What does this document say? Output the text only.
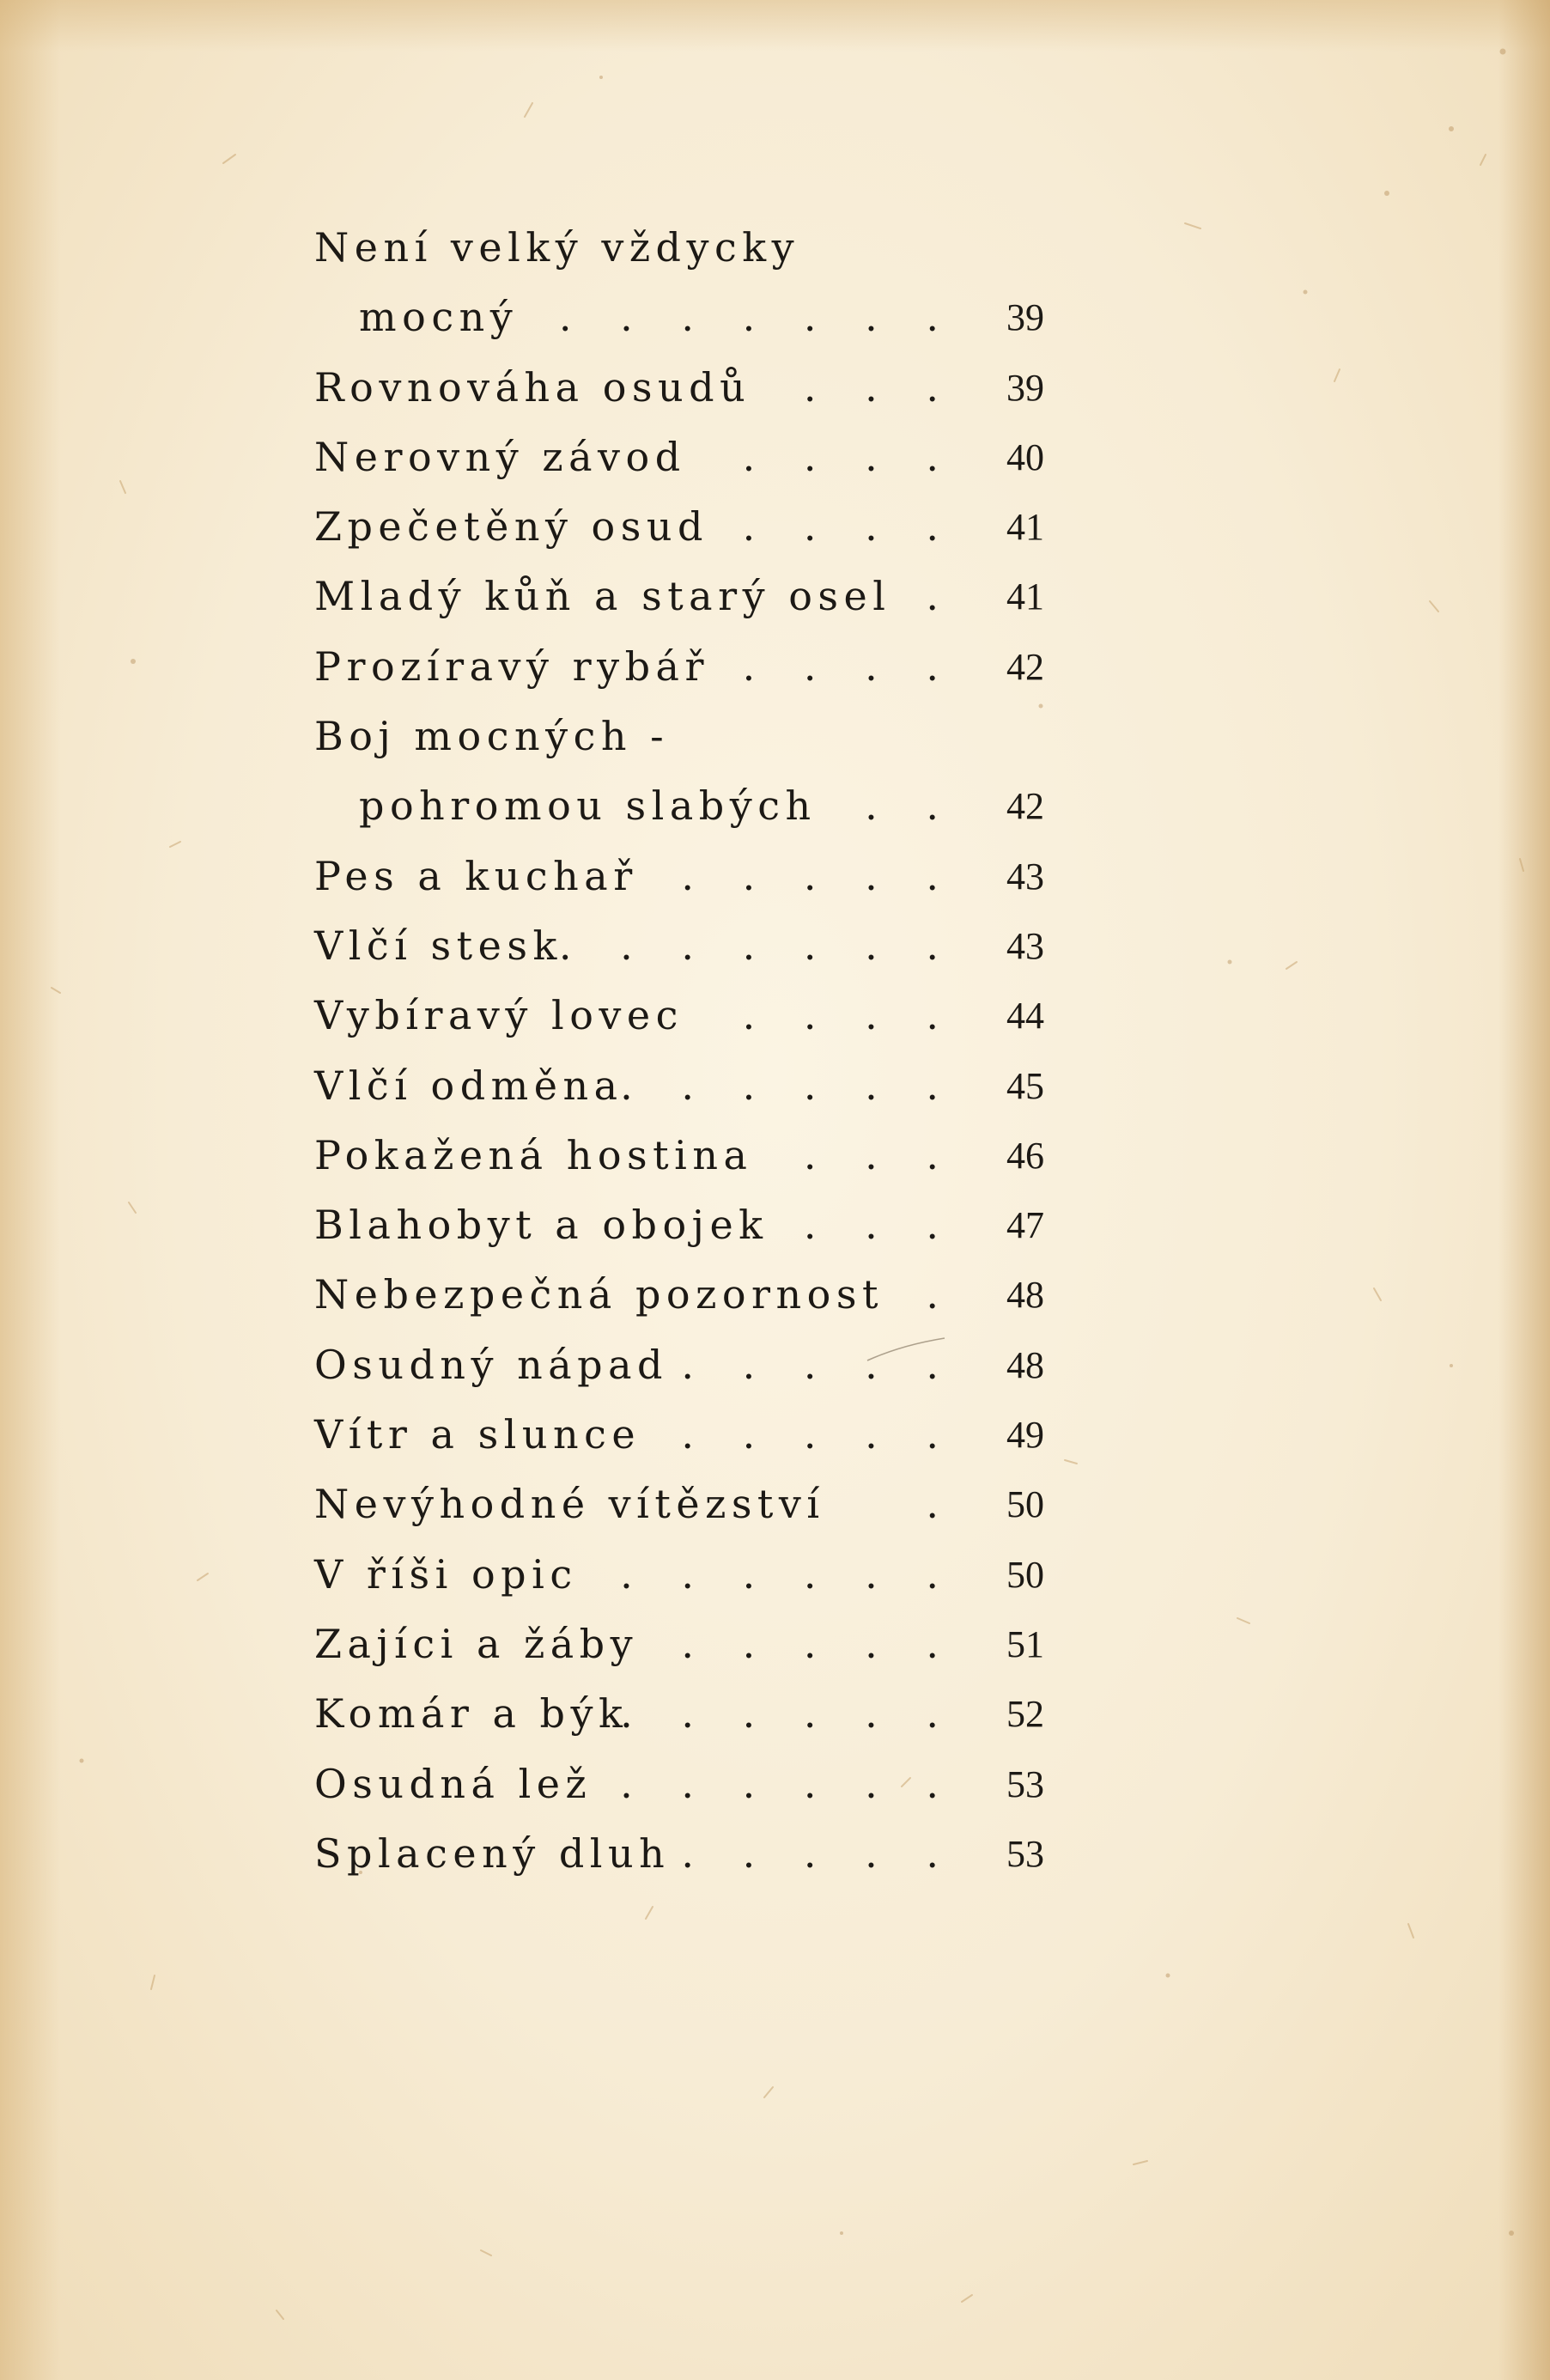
Není velký vždycky
mocný . . . . . . . 39
Rovnováha osudů . . . 39
Nerovný závod . . . . 40
Zpečetěný osud . . . . 41
Mladý kůň a starý osel . 41
Prozíravý rybář . . . . 42
Boj mocných -
pohromou slabých . . 42
Pes a kuchař . . . . . 43
Vlčí stesk
. . . . . . . 43
Vybíravý lovec . . . . 44
Vlčí odměna
. . . . . . 45
Pokažená hostina . . . 46
Blahobyt a obojek . . . 47
Nebezpečná pozornost . 48
Osudný nápad . . . . . 48
Vítr a slunce . . . . . 49
Nevýhodné vítězství	. 50
V říši opic . . . . . . 50
Zajíci a žáby . . . . . 51
Komár a býk
. . . . . . 52
Osudná lež . . . . . . 53
Splacený dluh . . . . . 53
